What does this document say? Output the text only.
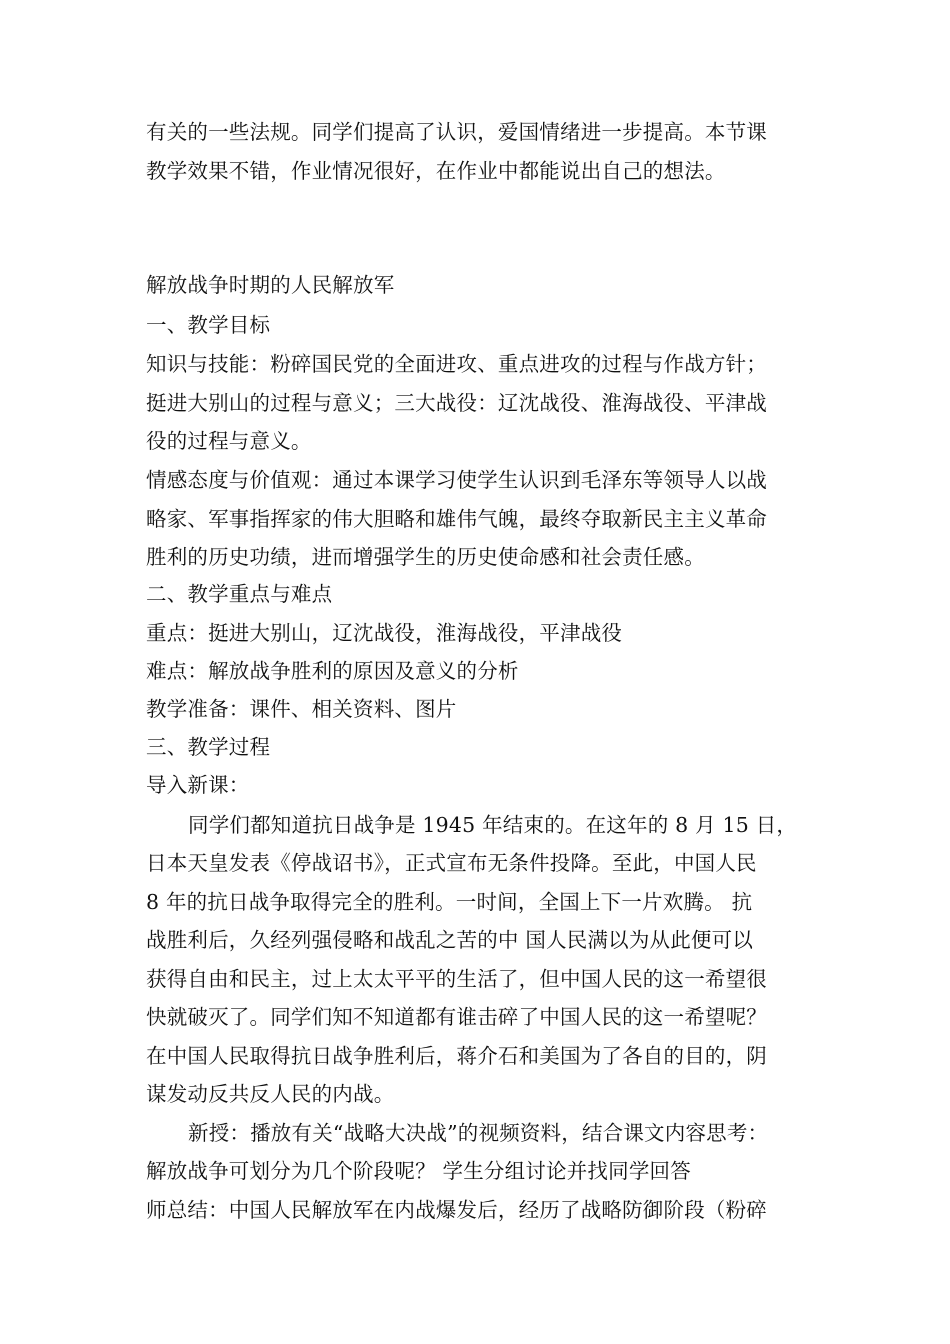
有关的一些法规。同学们提高了认识，爱国情绪进一步提高。本节课
教学效果不错，作业情况很好，在作业中都能说出自己的想法。
解放战争时期的人民解放军
一、教学目标
知识与技能：粉碎国民党的全面进攻、重点进攻的过程与作战方针；
挺进大别山的过程与意义；三大战役：辽沈战役、淮海战役、平津战
役的过程与意义。
情感态度与价值观：通过本课学习使学生认识到毛泽东等领导人以战
略家、军事指挥家的伟大胆略和雄伟气魄，最终夺取新民主主义革命
胜利的历史功绩，进而增强学生的历史使命感和社会责任感。
二、教学重点与难点
重点：挺进大别山，辽沈战役，淮海战役，平津战役
难点：解放战争胜利的原因及意义的分析
教学准备：课件、相关资料、图片
三、教学过程
导入新课：
同学们都知道抗日战争是 1945 年结束的。在这年的 8 月 15 日，
日本天皇发表《停战诏书》，正式宣布无条件投降。至此，中国人民
8 年的抗日战争取得完全的胜利。一时间，全国上下一片欢腾。 抗
战胜利后，久经列强侵略和战乱之苦的中 国人民满以为从此便可以
获得自由和民主，过上太太平平的生活了，但中国人民的这一希望很
快就破灭了。同学们知不知道都有谁击碎了中国人民的这一希望呢？
在中国人民取得抗日战争胜利后，蒋介石和美国为了各自的目的，阴
谋发动反共反人民的内战。
新授：播放有关“战略大决战”的视频资料，结合课文内容思考：
解放战争可划分为几个阶段呢？ 学生分组讨论并找同学回答
师总结：中国人民解放军在内战爆发后，经历了战略防御阶段（粉碎
